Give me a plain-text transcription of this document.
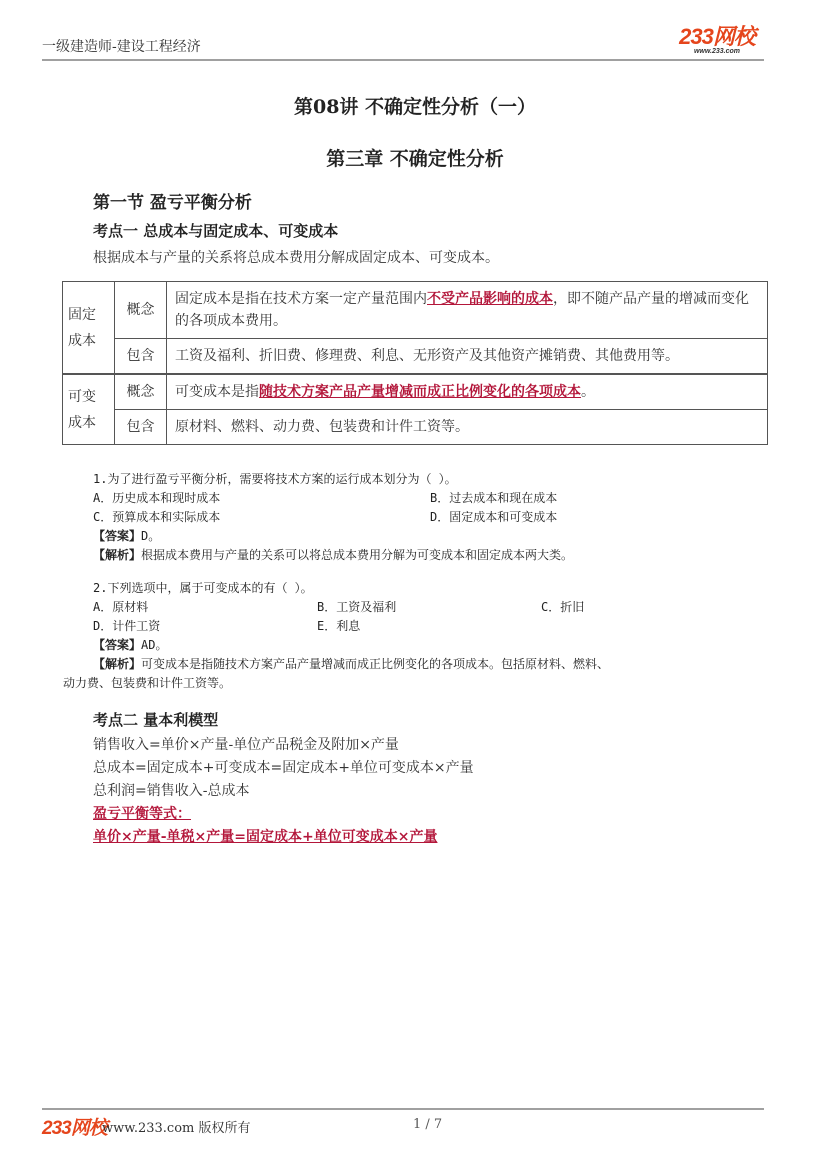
一级建造师-建设工程经济	233网校
www.233.com
第08讲 不确定性分析（一）
第三章 不确定性分析
第一节 盈亏平衡分析
考点一 总成本与固定成本、可变成本
根据成本与产量的关系将总成本费用分解成固定成本、可变成本。
固定成本	概念	固定成本是指在技术方案一定产量范围内不受产品影响的成本，即不随产品产量的增减而变化的各项成本费用。
	包含	工资及福利、折旧费、修理费、利息、无形资产及其他资产摊销费、其他费用等。
可变成本	概念	可变成本是指随技术方案产品产量增减而成正比例变化的各项成本。
	包含	原材料、燃料、动力费、包装费和计件工资等。
1.为了进行盈亏平衡分析，需要将技术方案的运行成本划分为（ ）。
A．历史成本和现时成本	B．过去成本和现在成本
C．预算成本和实际成本	D．固定成本和可变成本
【答案】D。
【解析】根据成本费用与产量的关系可以将总成本费用分解为可变成本和固定成本两大类。
2.下列选项中，属于可变成本的有（ ）。
A．原材料	B．工资及福利	C．折旧
D．计件工资	E．利息
【答案】AD。
【解析】可变成本是指随技术方案产品产量增减而成正比例变化的各项成本。包括原材料、燃料、
动力费、包装费和计件工资等。
考点二 量本利模型
销售收入=单价×产量-单位产品税金及附加×产量
总成本=固定成本+可变成本=固定成本+单位可变成本×产量
总利润=销售收入-总成本
盈亏平衡等式：
单价×产量-单税×产量=固定成本+单位可变成本×产量
233网校
www.233.com 版权所有	1 / 7
